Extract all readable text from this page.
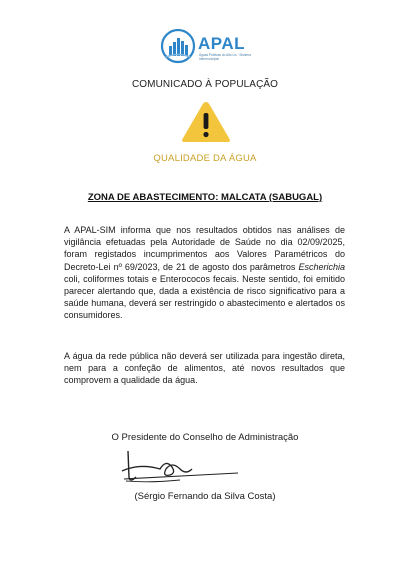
APAL
Águas Públicas do Alto Lis · Sistema Intermunicipal
COMUNICADO À POPULAÇÃO
QUALIDADE DA ÁGUA
ZONA DE ABASTECIMENTO: MALCATA (SABUGAL)
A APAL-SIM informa que nos resultados obtidos nas análises de vigilância efetuadas pela Autoridade de Saúde no dia 02/09/2025, foram registados incumprimentos aos Valores Paramétricos do Decreto-Lei nº 69/2023, de 21 de agosto dos parâmetros Escherichia coli, coliformes totais e Enterococos fecais. Neste sentido, foi emitido parecer alertando que, dada a existência de risco significativo para a saúde humana, deverá ser restringido o abastecimento e alertados os consumidores.
A água da rede pública não deverá ser utilizada para ingestão direta, nem para a confeção de alimentos, até novos resultados que comprovem a qualidade da água.
O Presidente do Conselho de Administração
(Sérgio Fernando da Silva Costa)
